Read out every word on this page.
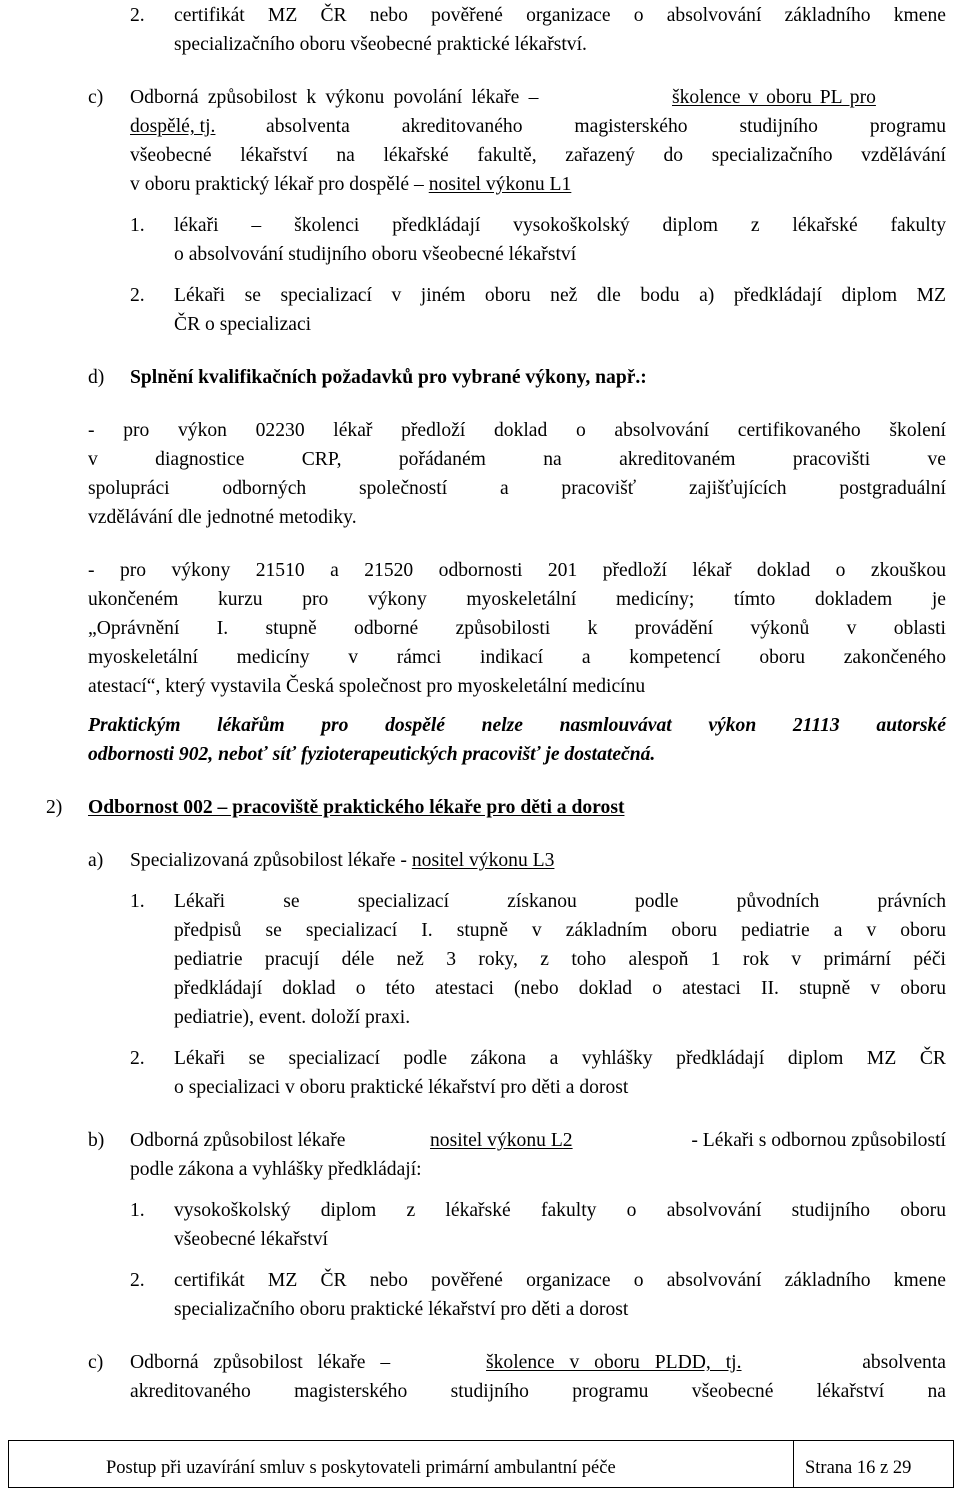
2. certifikát MZ ČR nebo pověřené organizace o absolvování základního kmene
specializačního oboru všeobecné praktické lékařství.
c) Odborná způsobilost k výkonu povolání lékaře –	školence v oboru PL pro
dospělé, tj.	absolventa akreditovaného magisterského studijního programu
všeobecné lékařství na lékařské fakultě, zařazený do specializačního vzdělávání
v oboru praktický lékař pro dospělé – nositel výkonu L1
1. lékaři – školenci předkládají vysokoškolský diplom z lékařské fakulty
o absolvování studijního oboru všeobecné lékařství
2. Lékaři se specializací v jiném oboru než dle bodu a) předkládají diplom MZ
ČR o specializaci
d) Splnění kvalifikačních požadavků pro vybrané výkony, např.:
- pro výkon 02230 lékař předloží doklad o absolvování certifikovaného školení
v diagnostice CRP, pořádaném na akreditovaném pracovišti ve
spolupráci odborných společností a pracovišť zajišťujících postgraduální
vzdělávání dle jednotné metodiky.
- pro výkony 21510 a 21520 odbornosti 201 předloží lékař doklad o zkouškou
ukončeném kurzu pro výkony myoskeletální medicíny; tímto dokladem je
„Oprávnění I. stupně odborné způsobilosti k provádění výkonů v oblasti
myoskeletální medicíny v rámci indikací a kompetencí oboru zakončeného
atestací“, který vystavila Česká společnost pro myoskeletální medicínu
Praktickým lékařům pro dospělé nelze nasmlouvávat výkon 21113 autorské
odbornosti 902, neboť síť fyzioterapeutických pracovišť je dostatečná.
2) Odbornost 002 – pracoviště praktického lékaře pro děti a dorost
a) Specializovaná způsobilost lékaře - nositel výkonu L3
1. Lékaři se specializací získanou podle původních právních
předpisů se specializací I. stupně v základním oboru pediatrie a v oboru
pediatrie pracují déle než 3 roky, z toho alespoň 1 rok v primární péči
předkládají doklad o této atestaci (nebo doklad o atestaci II. stupně v oboru
pediatrie), event. doloží praxi.
2. Lékaři se specializací podle zákona a vyhlášky předkládají diplom MZ ČR
o specializaci v oboru praktické lékařství pro děti a dorost
b) Odborná způsobilost lékaře	nositel výkonu L2	- Lékaři s odbornou způsobilostí
podle zákona a vyhlášky předkládají:
1. vysokoškolský diplom z lékařské fakulty o absolvování studijního oboru
všeobecné lékařství
2. certifikát MZ ČR nebo pověřené organizace o absolvování základního kmene
specializačního oboru praktické lékařství pro děti a dorost
c) Odborná způsobilost lékaře –	školence v oboru PLDD, tj.	absolventa
akreditovaného magisterského studijního programu všeobecné lékařství na
Postup při uzavírání smluv s poskytovateli primární ambulantní péče	Strana 16 z 29
